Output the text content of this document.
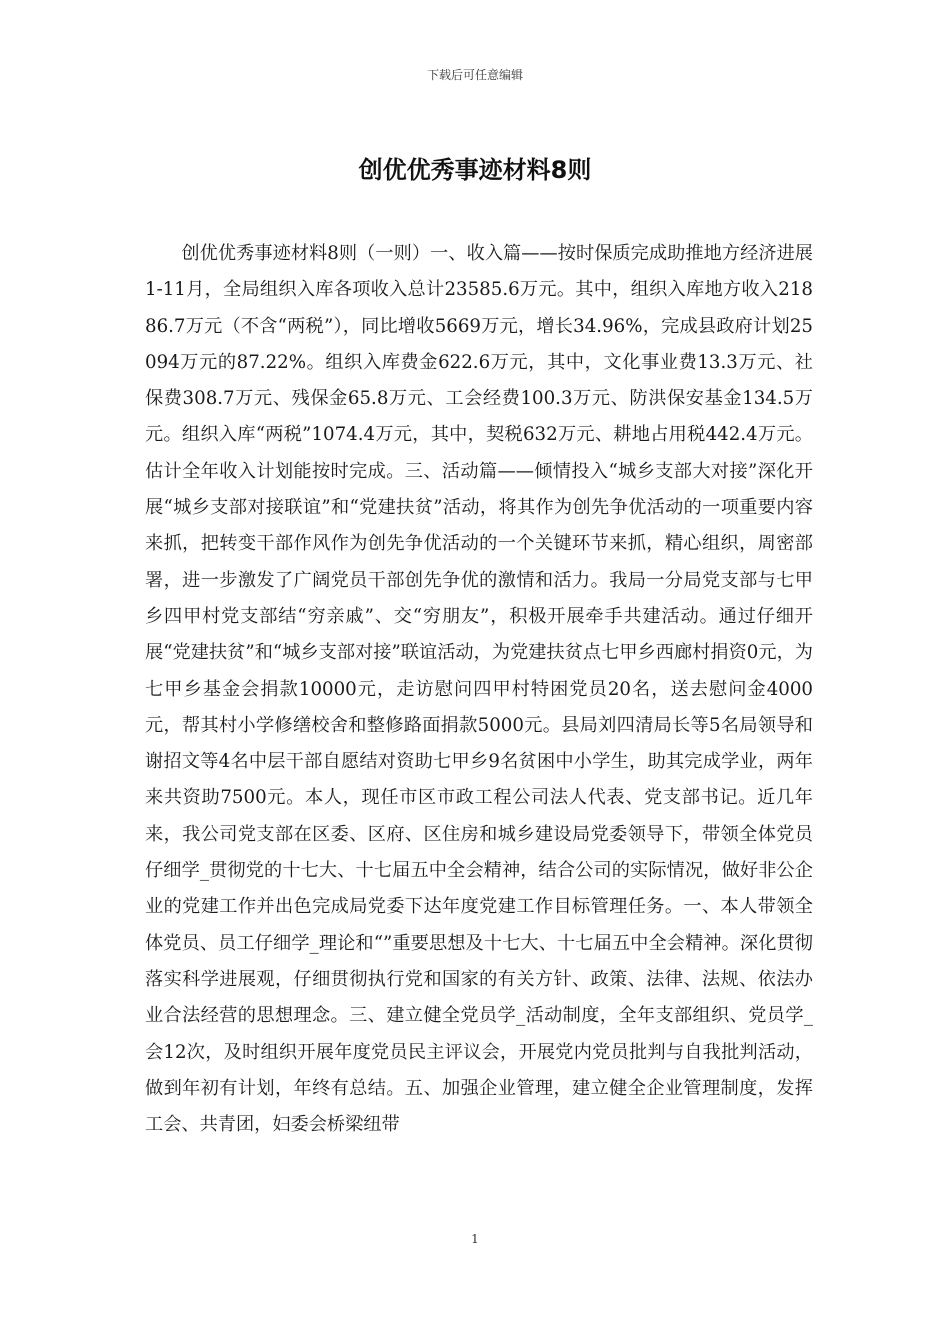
下载后可任意编辑
创优优秀事迹材料8则

创优优秀事迹材料8则（一则）一、收入篇——按时保质完成助推地方经济进展1-11月，全局组织入库各项收入总计23585.6万元。其中，组织入库地方收入21886.7万元（不含“两税”），同比增收5669万元，增长34.96%，完成县政府计划25094万元的87.22%。组织入库费金622.6万元，其中，文化事业费13.3万元、社保费308.7万元、残保金65.8万元、工会经费100.3万元、防洪保安基金134.5万元。组织入库“两税”1074.4万元，其中，契税632万元、耕地占用税442.4万元。估计全年收入计划能按时完成。三、活动篇——倾情投入“城乡支部大对接”深化开展“城乡支部对接联谊”和“党建扶贫”活动，将其作为创先争优活动的一项重要内容来抓，把转变干部作风作为创先争优活动的一个关键环节来抓，精心组织，周密部署，进一步激发了广阔党员干部创先争优的激情和活力。我局一分局党支部与七甲乡四甲村党支部结“穷亲戚”、交“穷朋友”，积极开展牵手共建活动。通过仔细开展“党建扶贫”和“城乡支部对接”联谊活动，为党建扶贫点七甲乡西廊村捐资0元，为七甲乡基金会捐款10000元，走访慰问四甲村特困党员20名，送去慰问金4000元，帮其村小学修缮校舍和整修路面捐款5000元。县局刘四清局长等5名局领导和谢招文等4名中层干部自愿结对资助七甲乡9名贫困中小学生，助其完成学业，两年来共资助7500元。本人，现任市区市政工程公司法人代表、党支部书记。近几年来，我公司党支部在区委、区府、区住房和城乡建设局党委领导下，带领全体党员仔细学_贯彻党的十七大、十七届五中全会精神，结合公司的实际情况，做好非公企业的党建工作并出色完成局党委下达年度党建工作目标管理任务。一、本人带领全体党员、员工仔细学_理论和“”重要思想及十七大、十七届五中全会精神。深化贯彻落实科学进展观，仔细贯彻执行党和国家的有关方针、政策、法律、法规、依法办业合法经营的思想理念。三、建立健全党员学_活动制度，全年支部组织、党员学_会12次，及时组织开展年度党员民主评议会，开展党内党员批判与自我批判活动，做到年初有计划，年终有总结。五、加强企业管理，建立健全企业管理制度，发挥工会、共青团，妇委会桥梁纽带

1
